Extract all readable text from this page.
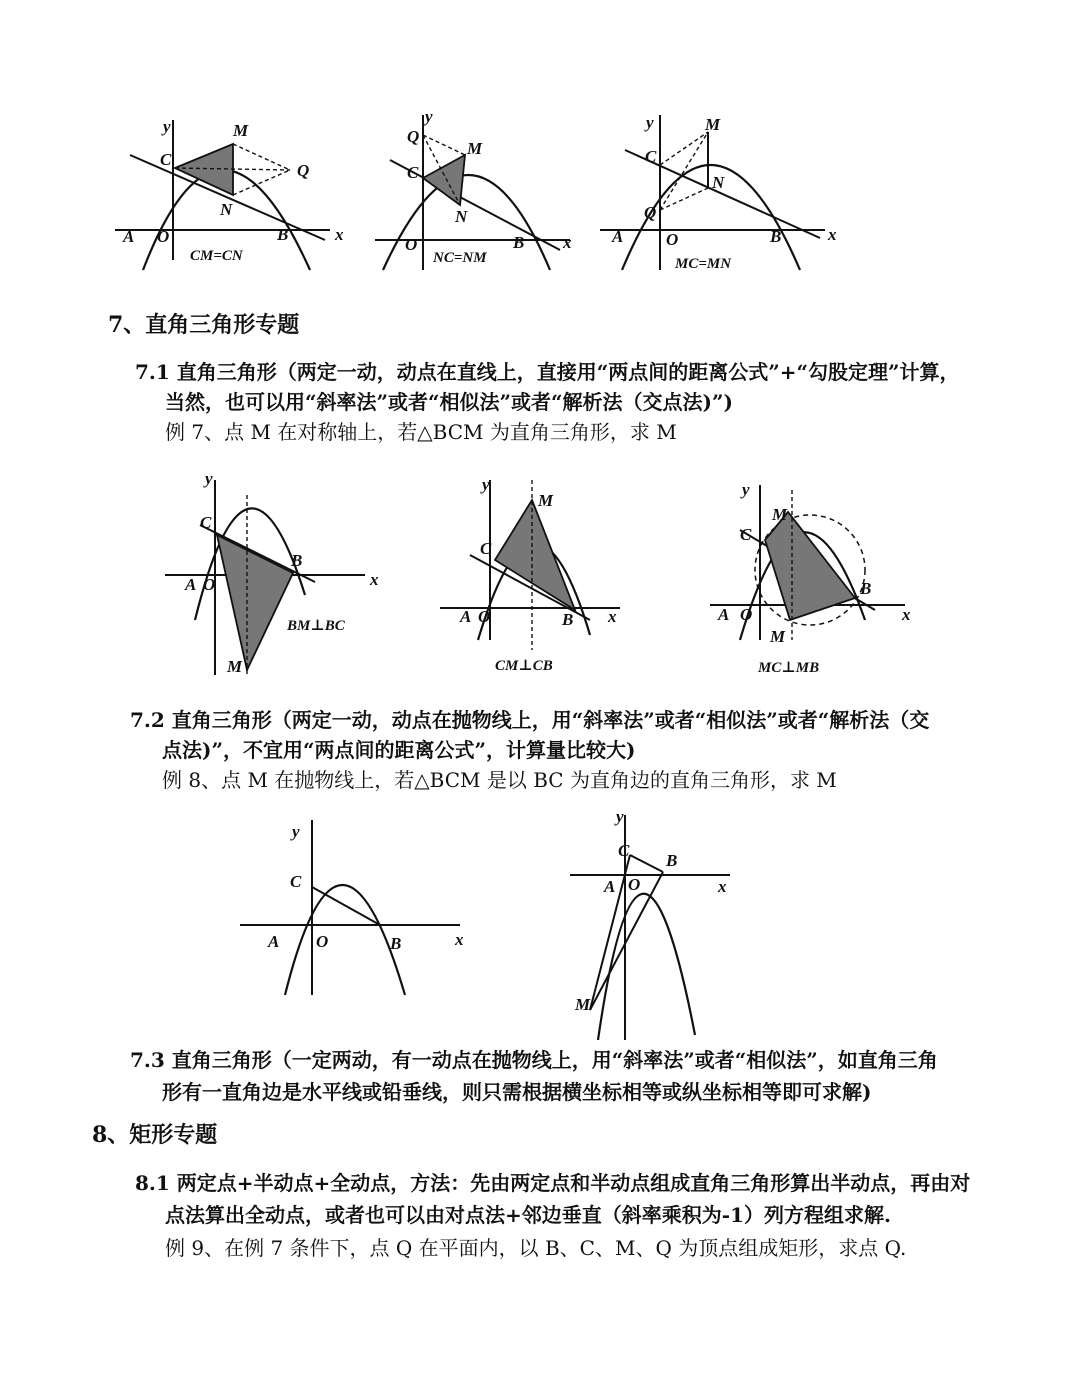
y
x
C
M
Q
N
A O	B
CM=CN
y
x
Q
C
M
N
O	B
NC=NM
y
x
C
M
N
Q
A	O	B
MC=MN
7、直角三角形专题
7.1 直角三角形（两定一动，动点在直线上，直接用“两点间的距离公式”+“勾股定理”计算，
当然，也可以用“斜率法”或者“相似法”或者“解析法（交点法)”)
例 7、点 M 在对称轴上，若△BCM 为直角三角形，求 M
y
x
C
B
A O
M
BM⊥BC
y
x
C
M
A O	B
CM⊥CB
y
x
C
M
B
A O
M
MC⊥MB
7.2 直角三角形（两定一动，动点在抛物线上，用“斜率法”或者“相似法”或者“解析法（交
点法)”，不宜用“两点间的距离公式”，计算量比较大)
例 8、点 M 在抛物线上，若△BCM 是以 BC 为直角边的直角三角形，求 M
y
x
C
A O	B
y
x
C
B
A O
M
7.3 直角三角形（一定两动，有一动点在抛物线上，用“斜率法”或者“相似法”，如直角三角
形有一直角边是水平线或铅垂线，则只需根据横坐标相等或纵坐标相等即可求解)
8、矩形专题
8.1 两定点+半动点+全动点，方法：先由两定点和半动点组成直角三角形算出半动点，再由对
点法算出全动点，或者也可以由对点法+邻边垂直（斜率乘积为-1）列方程组求解.
例 9、在例 7 条件下，点 Q 在平面内，以 B、C、M、Q 为顶点组成矩形，求点 Q.
